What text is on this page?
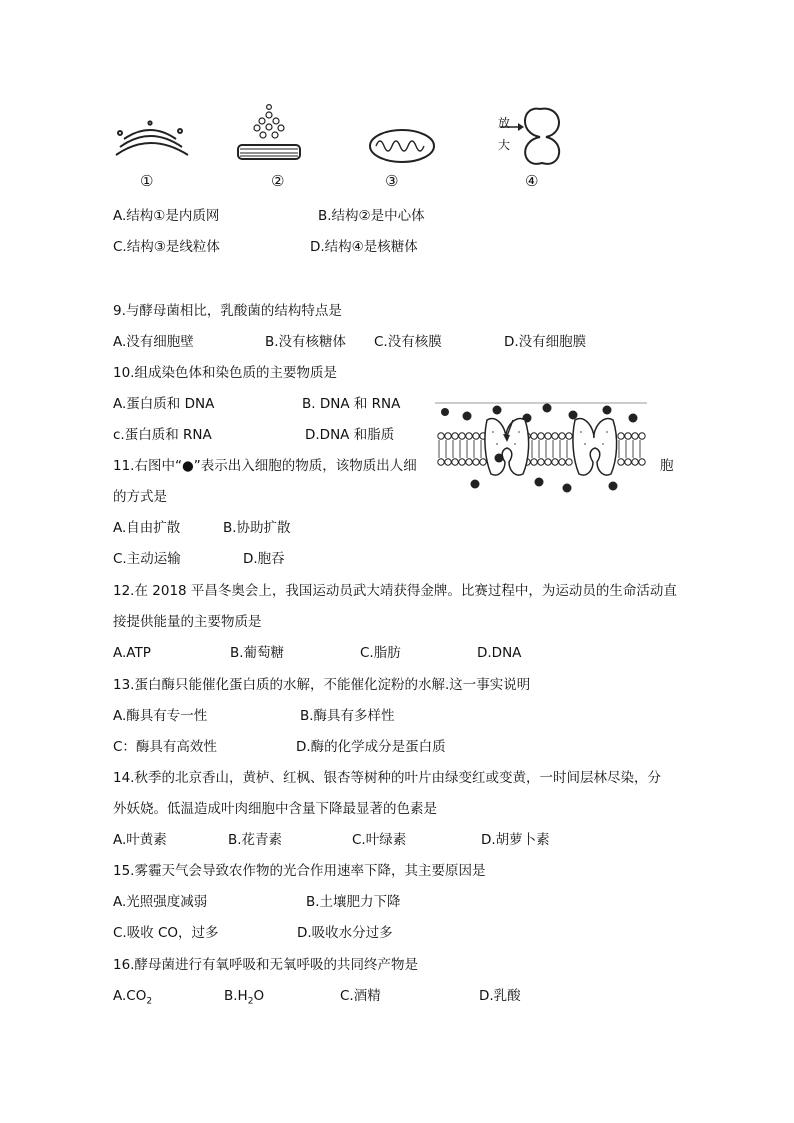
放
大
①	②	③	④
A.结构①是内质网	B.结构②是中心体
C.结构③是线粒体	D.结构④是核糖体
9.与酵母菌相比，乳酸菌的结构特点是
A.没有细胞壁	B.没有核糖体 C.没有核膜	D.没有细胞膜
10.组成染色体和染色质的主要物质是
A.蛋白质和 DNA	B. DNA 和 RNA
c.蛋白质和 RNA	D.DNA 和脂质
11.右图中“●”表示出入细胞的物质，该物质出人细	胞
的方式是
A.自由扩散	B.协助扩散
C.主动运输	D.胞吞
12.在 2018 平昌冬奥会上，我国运动员武大靖获得金牌。比赛过程中，为运动员的生命活动直
接提供能量的主要物质是
A.ATP	B.葡萄糖	C.脂肪	D.DNA
13.蛋白酶只能催化蛋白质的水解，不能催化淀粉的水解.这一事实说明
A.酶具有专一性	B.酶具有多样性
C：酶具有高效性	D.酶的化学成分是蛋白质
14.秋季的北京香山，黄栌、红枫、银杏等树种的叶片由绿变红或变黄，一时间层林尽染，分
外妖娆。低温造成叶肉细胞中含量下降最显著的色素是
A.叶黄素	B.花青素	C.叶绿素	D.胡萝卜素
15.雾霾天气会导致农作物的光合作用速率下降，其主要原因是
A.光照强度减弱	B.土壤肥力下降
C.吸收 CO，过多	D.吸收水分过多
16.酵母菌进行有氧呼吸和无氧呼吸的共同终产物是
$A.CO_2$	$B.H_2O$	C.酒精	D.乳酸
